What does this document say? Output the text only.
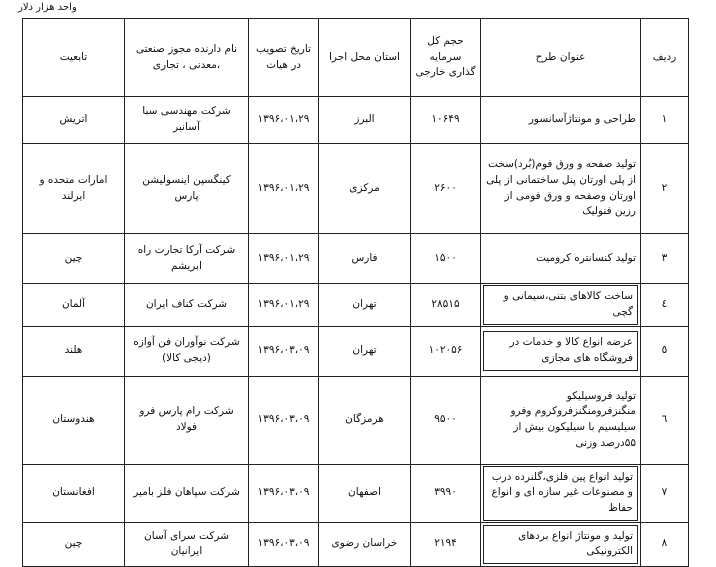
واحد هزار دلار
ردیف	عنوان طرح	حجم کل سرمایه گذاری خارجی	استان محل اجرا	تاریخ تصویب در هیات	نام دارنده مجوز صنعتی ،معدنی ، تجاری	تابعیت
۱	طراحی و مونتاژآسانسور	۱۰۶۴۹	البرز	۱۳۹۶،۰۱،۲۹	شرکت مهندسی سبا آسانبر	اتریش
۲	تولید صفحه و ورق فوم(بُرد)سخت از پلی اورتان پنل ساختمانی از پلی اورتان وصفحه و ورق فومی از رزین فنولیک	۲۶۰۰	مرکزی	۱۳۹۶،۰۱،۲۹	کینگسپن اینسولیشن پارس	امارات متحده و ایرلند
۳	تولید کنسانتره کرومیت	۱۵۰۰	فارس	۱۳۹۶،۰۱،۲۹	شرکت آرکا تجارت راه ابریشم	چین
٤	ساخت کالاهای بتنی،سیمانی و گچی	۲۸۵۱۵	تهران	۱۳۹۶،۰۱،۲۹	شرکت کناف ایران	آلمان
٥	عرضه انواع کالا و خدمات در فروشگاه های مجازی	۱۰۲۰۵۶	تهران	۱۳۹۶،۰۳،۰۹	شرکت نوآوران فن آوازه (دیجی کالا)	هلند
٦	تولید فروسیلیکو منگنزفرومنگنزفروکروم وفرو سیلیسیم با سیلیکون بیش از ۵۵درصد وزنی	۹۵۰۰	هرمزگان	۱۳۹۶،۰۳،۰۹	شرکت رام پارس فرو فولاد	هندوستان
۷	تولید انواع پین فلزی،گلنرده درب و مصنوعات غیر سازه ای و انواع حفاظ	۳۹۹۰	اصفهان	۱۳۹۶،۰۳،۰۹	شرکت سپاهان فلز بامیر	افغانستان
۸	تولید و مونتاژ انواع بردهای الکترونیکی	۲۱۹۴	خراسان رضوی	۱۳۹۶،۰۳،۰۹	شرکت سرای آسان ایرانیان	چین
